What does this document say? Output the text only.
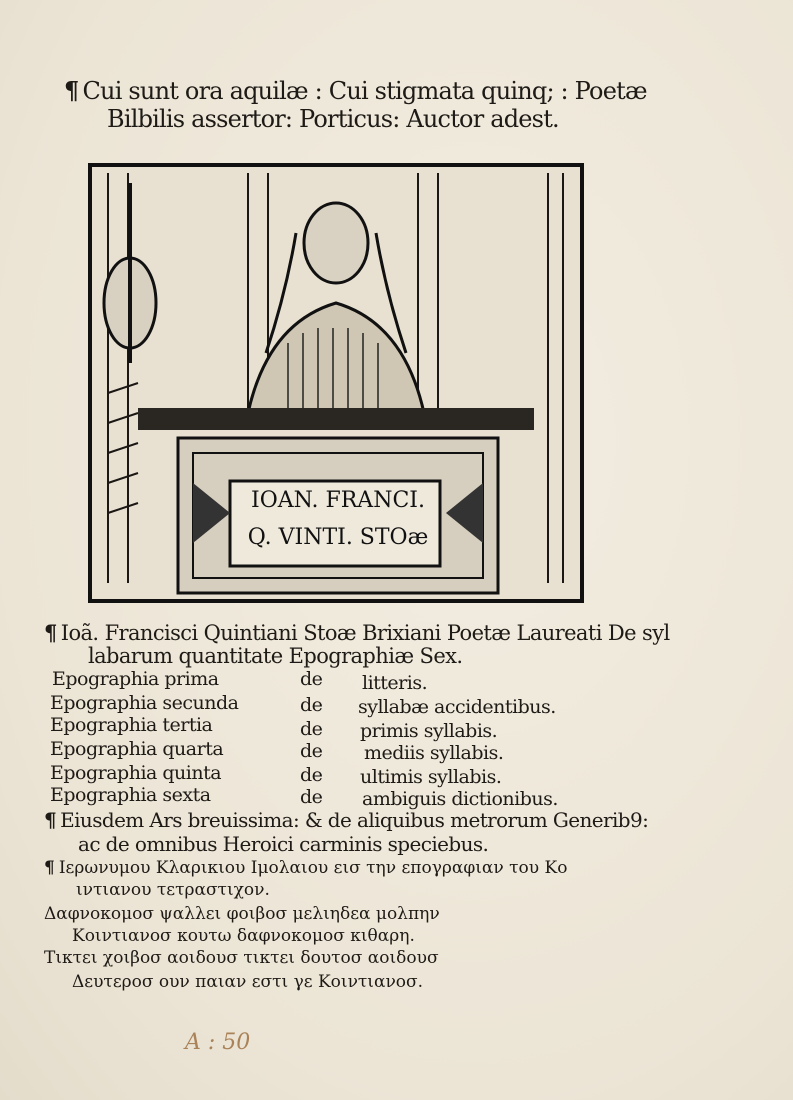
¶ Cui sunt ora aquilæ : Cui stigmata quinq; : Poetæ
Bilbilis assertor: Porticus: Auctor adest.
IOAN. FRANCI.
Q. VINTI. STOæ
¶ Ioã. Francisci Quintiani Stoæ Brixiani Poetæ Laureati De syl
labarum quantitate Epographiæ Sex.
Epographia prima	de litteris.
Epographia secunda	de syllabæ accidentibus.
Epographia tertia	de primis syllabis.
Epographia quarta	de mediis syllabis.
Epographia quinta	de ultimis syllabis.
Epographia sexta	de ambiguis dictionibus.
¶ Eiusdem Ars breuissima: & de aliquibus metrorum Generib9:
ac de omnibus Heroici carminis speciebus.
¶ Ιερωνυμου Κλαρικιου Ιμολαιου εισ την επογραφιαν του Κο
ιντιανου τετραστιχον.
Δαφνοκομοσ ψαλλει φοιβοσ μελιηδεα μολπην
Κοιντιανοσ κουτω δαφνοκομοσ κιθαρη.
Τικτει χοιβοσ αοιδουσ τικτει δουτοσ αοιδουσ
Δευτεροσ ουν παιαν εστι γε Κοιντιανοσ.
A : 50
